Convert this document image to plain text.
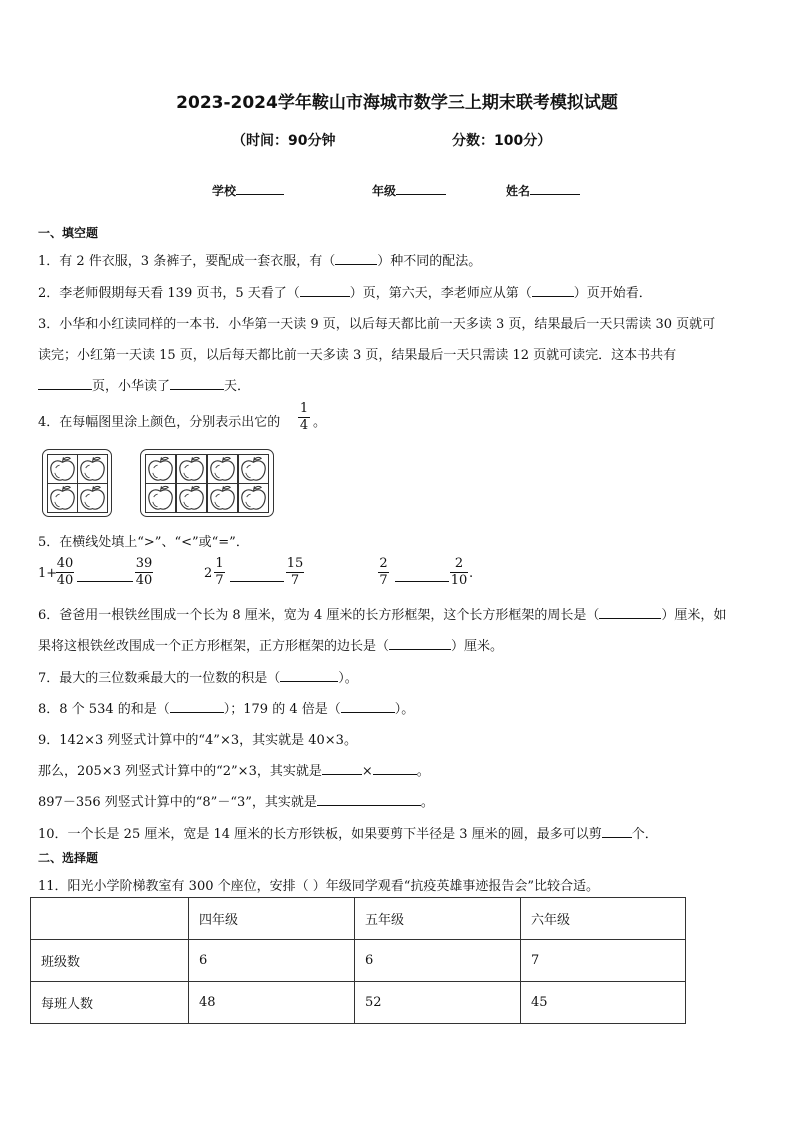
2023-2024学年鞍山市海城市数学三上期末联考模拟试题
（时间：90分钟	分数：100分）
学校	年级	姓名
一、填空题
1．有 2 件衣服，3 条裤子，要配成一套衣服，有（	）种不同的配法。
2．李老师假期每天看 139 页书，5 天看了（	）页，第六天，李老师应从第（	）页开始看．
3．小华和小红读同样的一本书．小华第一天读 9 页，以后每天都比前一天多读 3 页，结果最后一天只需读 30 页就可
读完；小红第一天读 15 页，以后每天都比前一天多读 3 页，结果最后一天只需读 12 页就可读完．这本书共有
页，小华读了	天．
4．在每幅图里涂上颜色，分别表示出它的
1
4 。
5．在横线处填上“>”、“<”或“=”．
1+
40
40
39
40	2
1
7
15
7
2
7
2
10 .
6．爸爸用一根铁丝围成一个长为 8 厘米，宽为 4 厘米的长方形框架，这个长方形框架的周长是（	）厘米，如
果将这根铁丝改围成一个正方形框架，正方形框架的边长是（	）厘米。
7．最大的三位数乘最大的一位数的积是（	）。
8．8 个 534 的和是（	）；179 的 4 倍是（	）。
9．142×3 列竖式计算中的“4”×3，其实就是 40×3。
那么，205×3 列竖式计算中的“2”×3，其实就是	×	。
897－356 列竖式计算中的“8”－“3”，其实就是	。
10．一个长是 25 厘米，宽是 14 厘米的长方形铁板，如果要剪下半径是 3 厘米的圆，最多可以剪 个．
二、选择题
11．阳光小学阶梯教室有 300 个座位，安排（ ）年级同学观看“抗疫英雄事迹报告会”比较合适。
	四年级	五年级	六年级
班级数	6	6	7
每班人数	48	52	45
